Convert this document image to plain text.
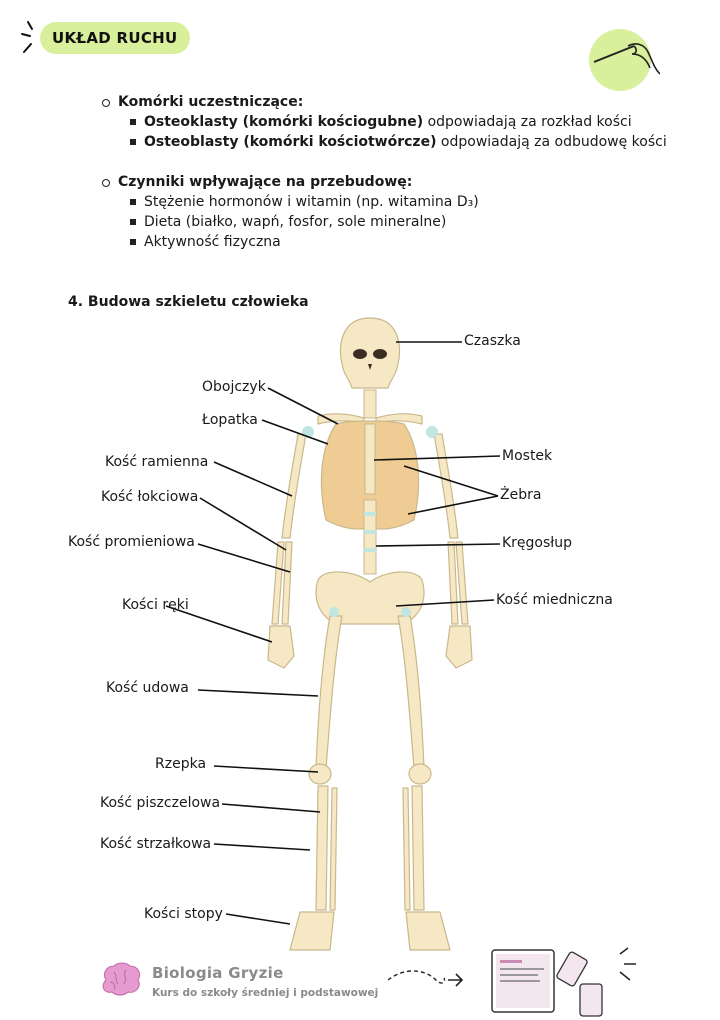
UKŁAD RUCHU
Komórki uczestniczące:
Osteoklasty (komórki kościogubne) odpowiadają za rozkład kości
Osteoblasty (komórki kościotwórcze) odpowiadają za odbudowę kości
Czynniki wpływające na przebudowę:
Stężenie hormonów i witamin (np. witamina D₃)
Dieta (białko, wapń, fosfor, sole mineralne)
Aktywność fizyczna
4. Budowa szkieletu człowieka
Czaszka
Obojczyk
Łopatka
Mostek
Kość ramienna
Żebra
Kość łokciowa
Kość promieniowa	Kręgosłup
Kości ręki	Kość miedniczna
Kość udowa
Rzepka
Kość piszczelowa
Kość strzałkowa
Kości stopy
Biologia Gryzie
Kurs do szkoły średniej i podstawowej
